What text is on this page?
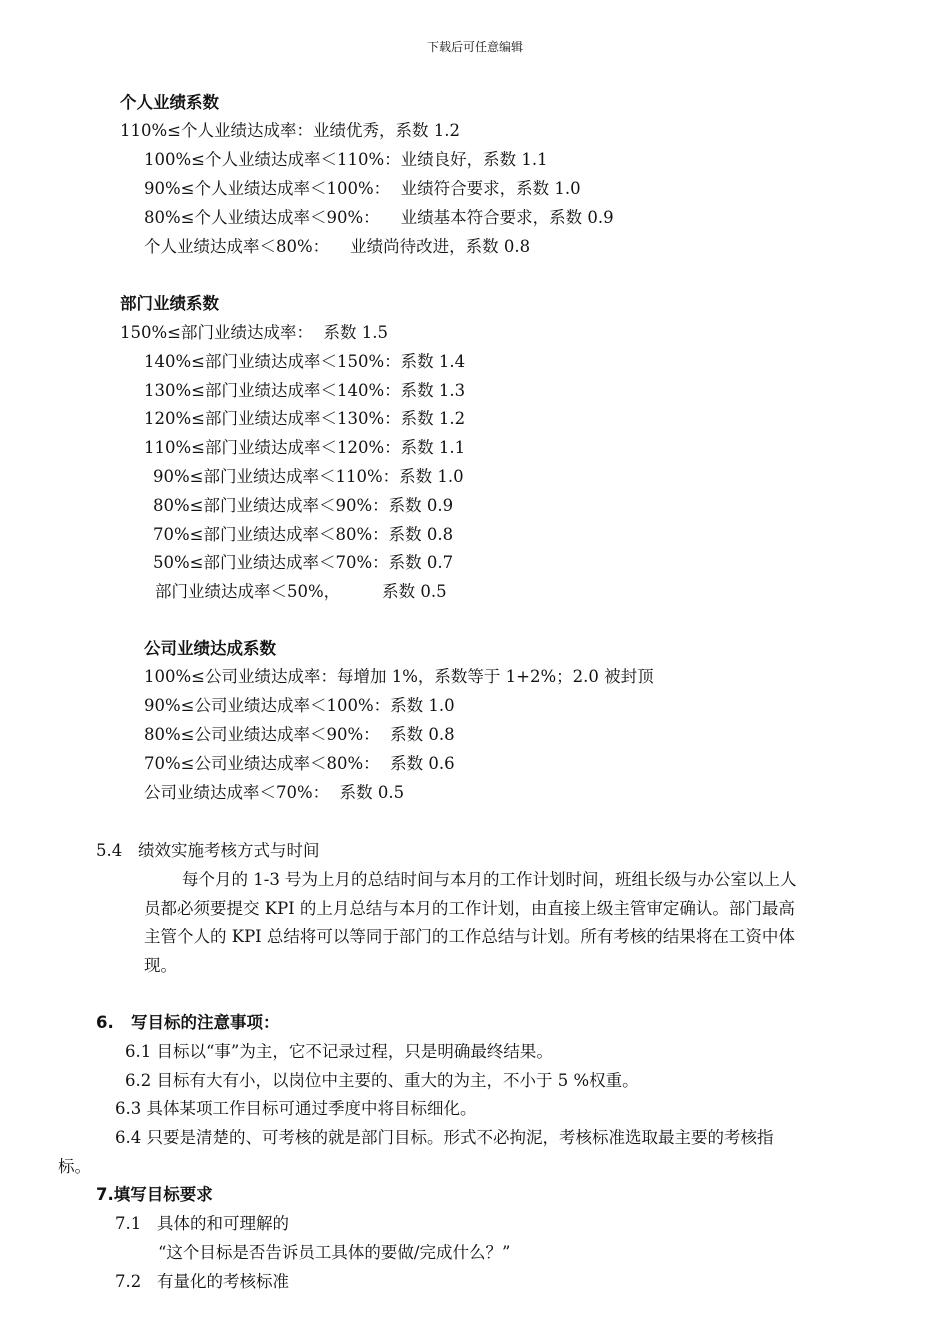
下载后可任意编辑
个人业绩系数
110%≤个人业绩达成率：业绩优秀，系数 1.2
100%≤个人业绩达成率＜110%：业绩良好，系数 1.1
90%≤个人业绩达成率＜100%：  业绩符合要求，系数 1.0
80%≤个人业绩达成率＜90%：    业绩基本符合要求，系数 0.9
个人业绩达成率＜80%：    业绩尚待改进，系数 0.8
部门业绩系数
150%≤部门业绩达成率：  系数 1.5
140%≤部门业绩达成率＜150%：系数 1.4
130%≤部门业绩达成率＜140%：系数 1.3
120%≤部门业绩达成率＜130%：系数 1.2
110%≤部门业绩达成率＜120%：系数 1.1
90%≤部门业绩达成率＜110%：系数 1.0
80%≤部门业绩达成率＜90%：系数 0.9
70%≤部门业绩达成率＜80%：系数 0.8
50%≤部门业绩达成率＜70%：系数 0.7
部门业绩达成率＜50%，        系数 0.5
公司业绩达成系数
100%≤公司业绩达成率：每增加 1%，系数等于 1+2%；2.0 被封顶
90%≤公司业绩达成率＜100%：系数 1.0
80%≤公司业绩达成率＜90%：  系数 0.8
70%≤公司业绩达成率＜80%：  系数 0.6
公司业绩达成率＜70%：  系数 0.5
5.4   绩效实施考核方式与时间
每个月的 1-3 号为上月的总结时间与本月的工作计划时间，班组长级与办公室以上人
员都必须要提交 KPI 的上月总结与本月的工作计划，由直接上级主管审定确认。部门最高
主管个人的 KPI 总结将可以等同于部门的工作总结与计划。所有考核的结果将在工资中体
现。
6.   写目标的注意事项：
6.1 目标以“事”为主，它不记录过程，只是明确最终结果。
6.2 目标有大有小，以岗位中主要的、重大的为主，不小于 5 %权重。
6.3 具体某项工作目标可通过季度中将目标细化。
6.4 只要是清楚的、可考核的就是部门目标。形式不必拘泥，考核标准选取最主要的考核指
标。
7.填写目标要求
7.1   具体的和可理解的
“这个目标是否告诉员工具体的要做/完成什么？”
7.2   有量化的考核标准
